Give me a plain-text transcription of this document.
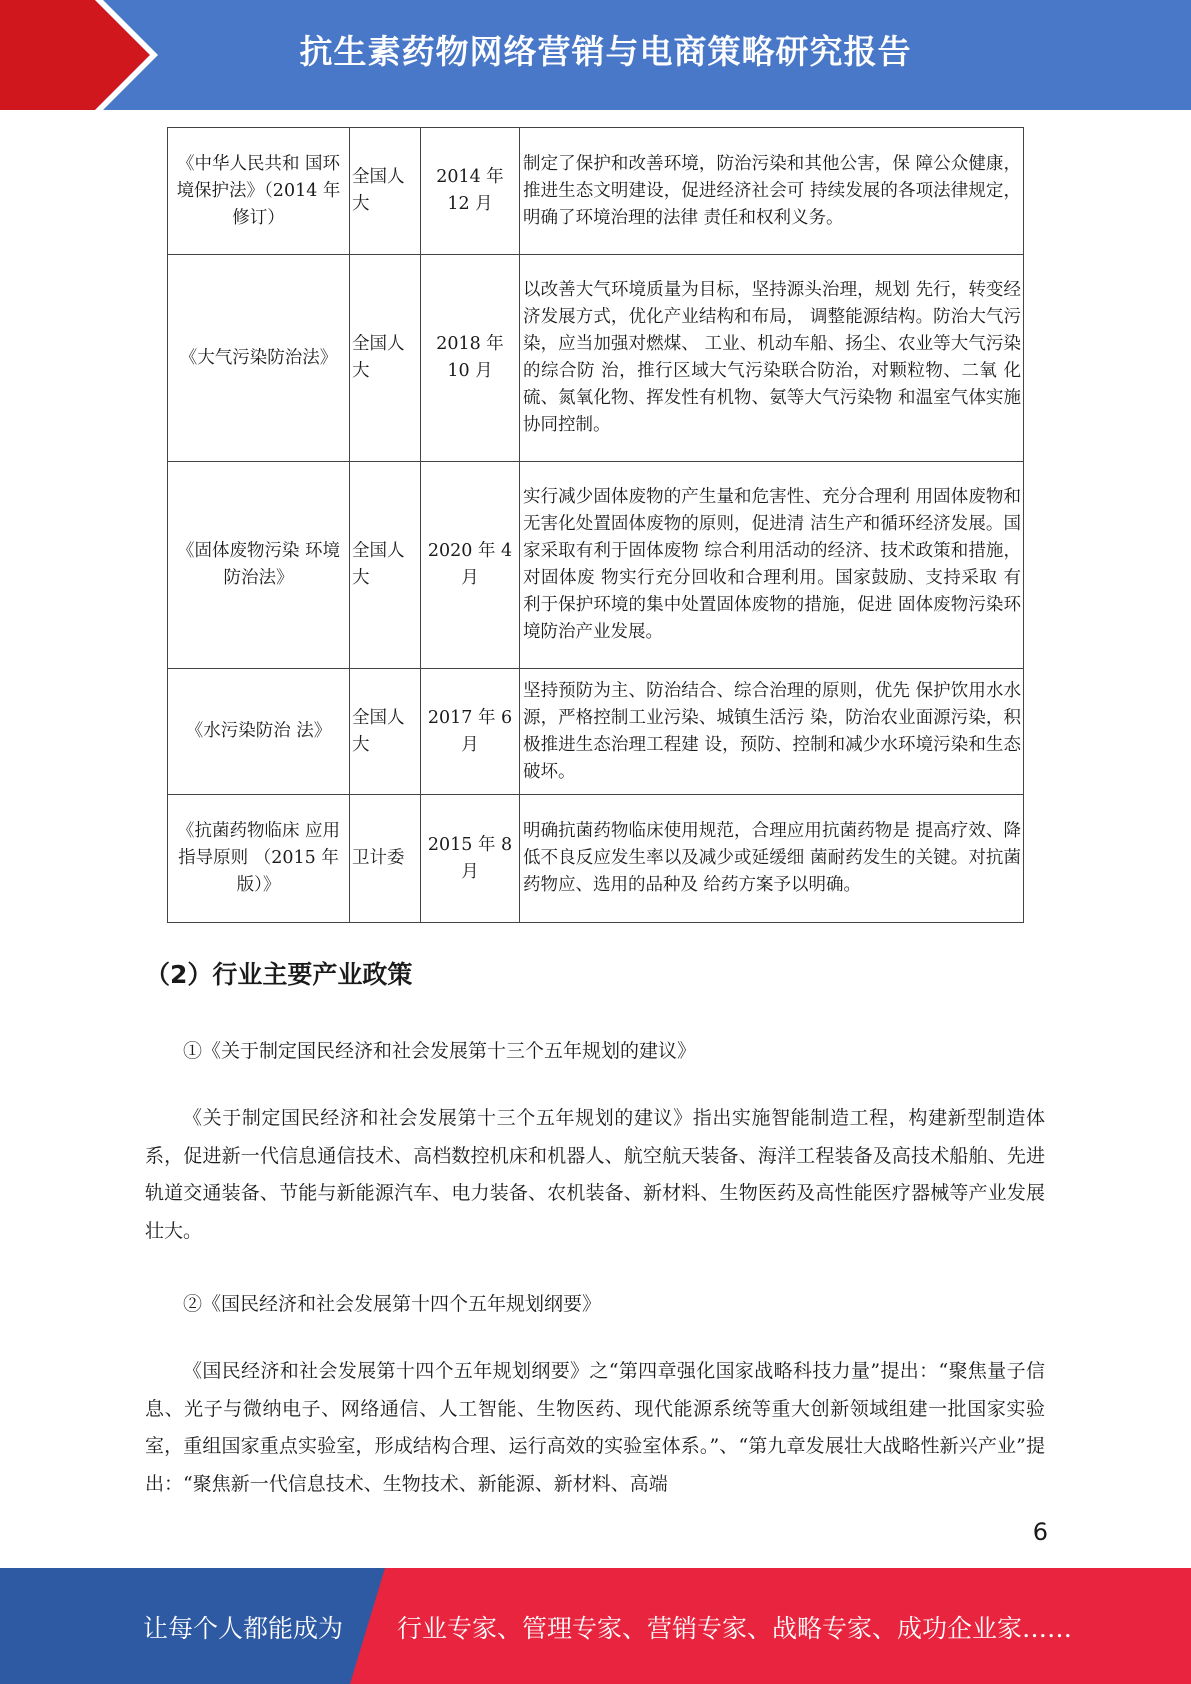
抗生素药物网络营销与电商策略研究报告
《中华人民共和 国环境保护法》（2014 年修订）	全国人大	2014 年 12 月	制定了保护和改善环境，防治污染和其他公害，保 障公众健康，推进生态文明建设，促进经济社会可 持续发展的各项法律规定，明确了环境治理的法律 责任和权利义务。
《大气污染防治法》	全国人大	2018 年 10 月	以改善大气环境质量为目标，坚持源头治理，规划 先行，转变经济发展方式，优化产业结构和布局， 调整能源结构。防治大气污染，应当加强对燃煤、 工业、机动车船、扬尘、农业等大气污染的综合防 治，推行区域大气污染联合防治，对颗粒物、二氧 化硫、氮氧化物、挥发性有机物、氨等大气污染物 和温室气体实施协同控制。
《固体废物污染 环境防治法》	全国人大	2020 年 4 月	实行减少固体废物的产生量和危害性、充分合理利 用固体废物和无害化处置固体废物的原则，促进清 洁生产和循环经济发展。国家采取有利于固体废物 综合利用活动的经济、技术政策和措施，对固体废 物实行充分回收和合理利用。国家鼓励、支持采取 有利于保护环境的集中处置固体废物的措施，促进 固体废物污染环境防治产业发展。
《水污染防治 法》	全国人大	2017 年 6 月	坚持预防为主、防治结合、综合治理的原则，优先 保护饮用水水源，严格控制工业污染、城镇生活污 染，防治农业面源污染，积极推进生态治理工程建 设，预防、控制和减少水环境污染和生态破坏。
《抗菌药物临床 应用指导原则 （2015 年版）》	卫计委	2015 年 8 月	明确抗菌药物临床使用规范，合理应用抗菌药物是 提高疗效、降低不良反应发生率以及减少或延缓细 菌耐药发生的关键。对抗菌药物应、选用的品种及 给药方案予以明确。
（2）行业主要产业政策
①《关于制定国民经济和社会发展第十三个五年规划的建议》
《关于制定国民经济和社会发展第十三个五年规划的建议》指出实施智能制造工程，构建新型制造体系，促进新一代信息通信技术、高档数控机床和机器人、航空航天装备、海洋工程装备及高技术船舶、先进轨道交通装备、节能与新能源汽车、电力装备、农机装备、新材料、生物医药及高性能医疗器械等产业发展壮大。
②《国民经济和社会发展第十四个五年规划纲要》
《国民经济和社会发展第十四个五年规划纲要》之“第四章强化国家战略科技力量”提出：“聚焦量子信息、光子与微纳电子、网络通信、人工智能、生物医药、现代能源系统等重大创新领域组建一批国家实验室，重组国家重点实验室，形成结构合理、运行高效的实验室体系。”、“第九章发展壮大战略性新兴产业”提出：“聚焦新一代信息技术、生物技术、新能源、新材料、高端
6
让每个人都能成为 行业专家、管理专家、营销专家、战略专家、成功企业家……
